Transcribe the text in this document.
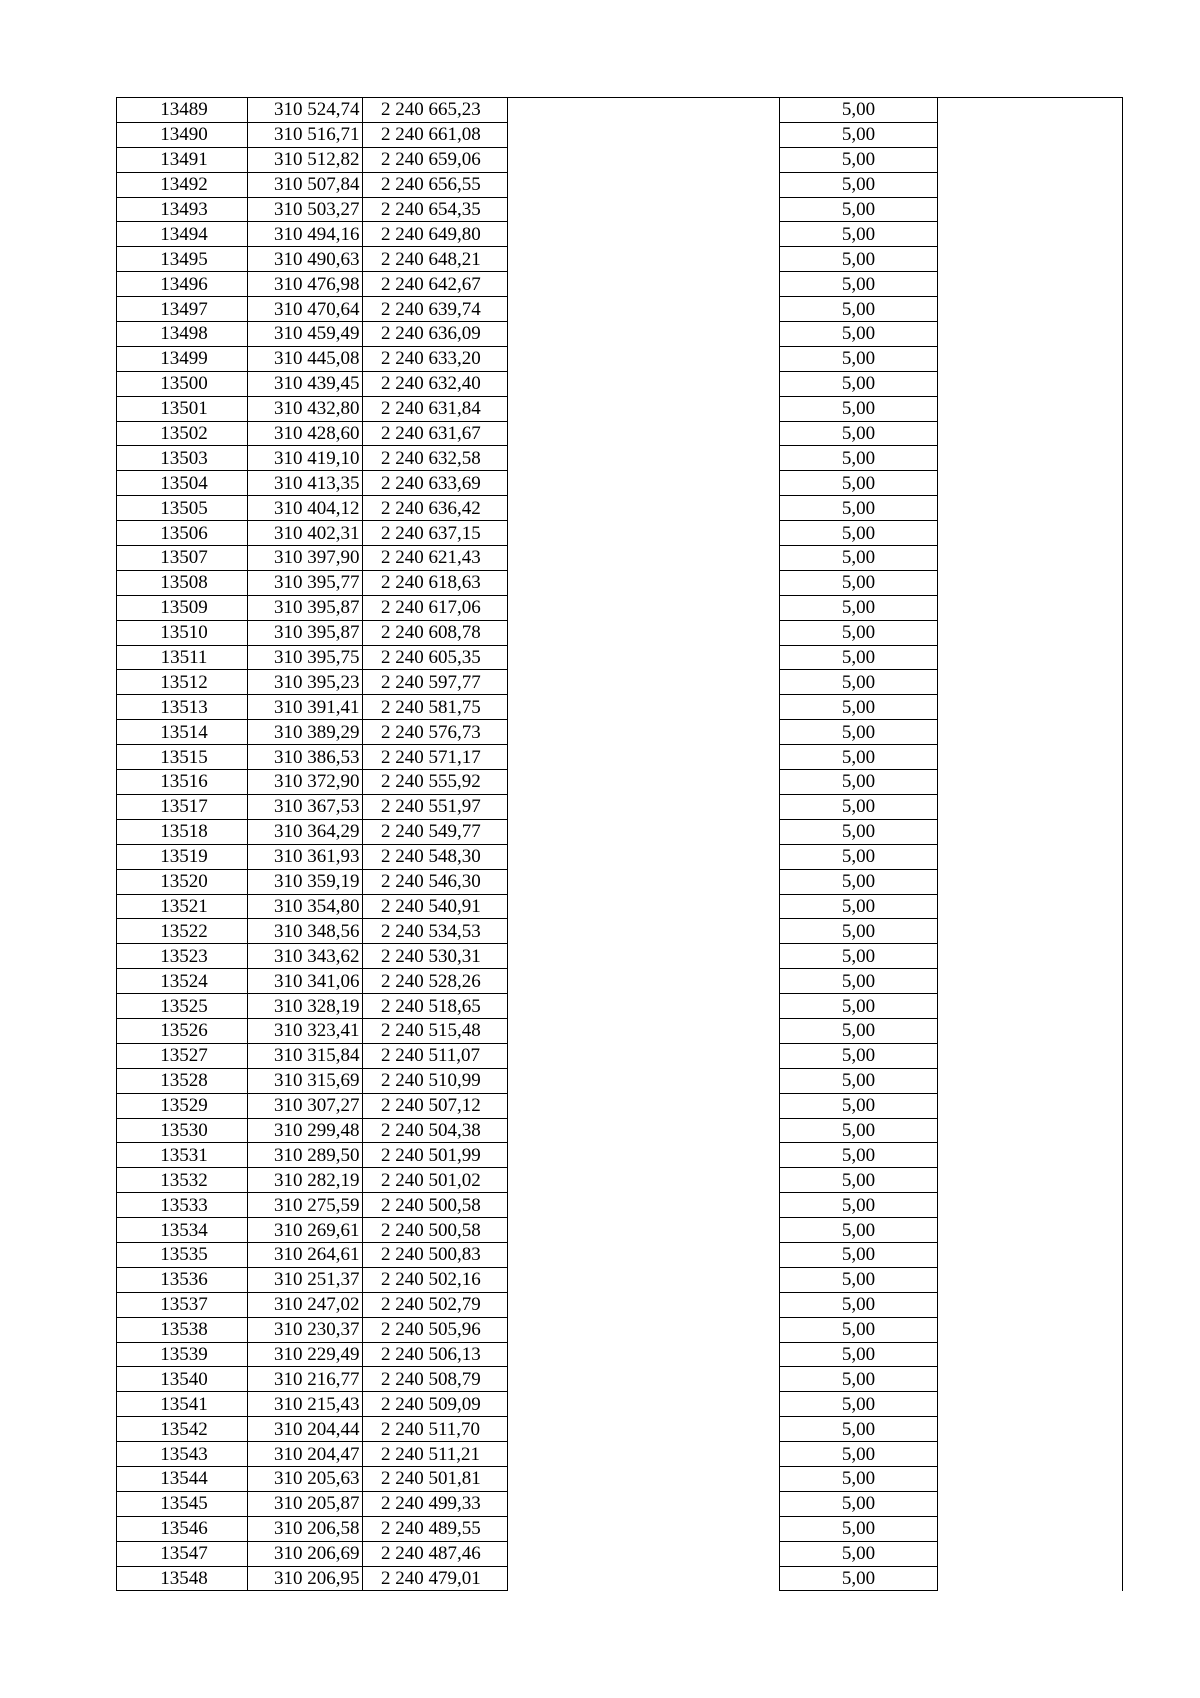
13489	310 524,74	2 240 665,23		5,00	
13490	310 516,71	2 240 661,08		5,00	
13491	310 512,82	2 240 659,06		5,00	
13492	310 507,84	2 240 656,55		5,00	
13493	310 503,27	2 240 654,35		5,00	
13494	310 494,16	2 240 649,80		5,00	
13495	310 490,63	2 240 648,21		5,00	
13496	310 476,98	2 240 642,67		5,00	
13497	310 470,64	2 240 639,74		5,00	
13498	310 459,49	2 240 636,09		5,00	
13499	310 445,08	2 240 633,20		5,00	
13500	310 439,45	2 240 632,40		5,00	
13501	310 432,80	2 240 631,84		5,00	
13502	310 428,60	2 240 631,67		5,00	
13503	310 419,10	2 240 632,58		5,00	
13504	310 413,35	2 240 633,69		5,00	
13505	310 404,12	2 240 636,42		5,00	
13506	310 402,31	2 240 637,15		5,00	
13507	310 397,90	2 240 621,43		5,00	
13508	310 395,77	2 240 618,63		5,00	
13509	310 395,87	2 240 617,06		5,00	
13510	310 395,87	2 240 608,78		5,00	
13511	310 395,75	2 240 605,35		5,00	
13512	310 395,23	2 240 597,77		5,00	
13513	310 391,41	2 240 581,75		5,00	
13514	310 389,29	2 240 576,73		5,00	
13515	310 386,53	2 240 571,17		5,00	
13516	310 372,90	2 240 555,92		5,00	
13517	310 367,53	2 240 551,97		5,00	
13518	310 364,29	2 240 549,77		5,00	
13519	310 361,93	2 240 548,30		5,00	
13520	310 359,19	2 240 546,30		5,00	
13521	310 354,80	2 240 540,91		5,00	
13522	310 348,56	2 240 534,53		5,00	
13523	310 343,62	2 240 530,31		5,00	
13524	310 341,06	2 240 528,26		5,00	
13525	310 328,19	2 240 518,65		5,00	
13526	310 323,41	2 240 515,48		5,00	
13527	310 315,84	2 240 511,07		5,00	
13528	310 315,69	2 240 510,99		5,00	
13529	310 307,27	2 240 507,12		5,00	
13530	310 299,48	2 240 504,38		5,00	
13531	310 289,50	2 240 501,99		5,00	
13532	310 282,19	2 240 501,02		5,00	
13533	310 275,59	2 240 500,58		5,00	
13534	310 269,61	2 240 500,58		5,00	
13535	310 264,61	2 240 500,83		5,00	
13536	310 251,37	2 240 502,16		5,00	
13537	310 247,02	2 240 502,79		5,00	
13538	310 230,37	2 240 505,96		5,00	
13539	310 229,49	2 240 506,13		5,00	
13540	310 216,77	2 240 508,79		5,00	
13541	310 215,43	2 240 509,09		5,00	
13542	310 204,44	2 240 511,70		5,00	
13543	310 204,47	2 240 511,21		5,00	
13544	310 205,63	2 240 501,81		5,00	
13545	310 205,87	2 240 499,33		5,00	
13546	310 206,58	2 240 489,55		5,00	
13547	310 206,69	2 240 487,46		5,00	
13548	310 206,95	2 240 479,01		5,00	
